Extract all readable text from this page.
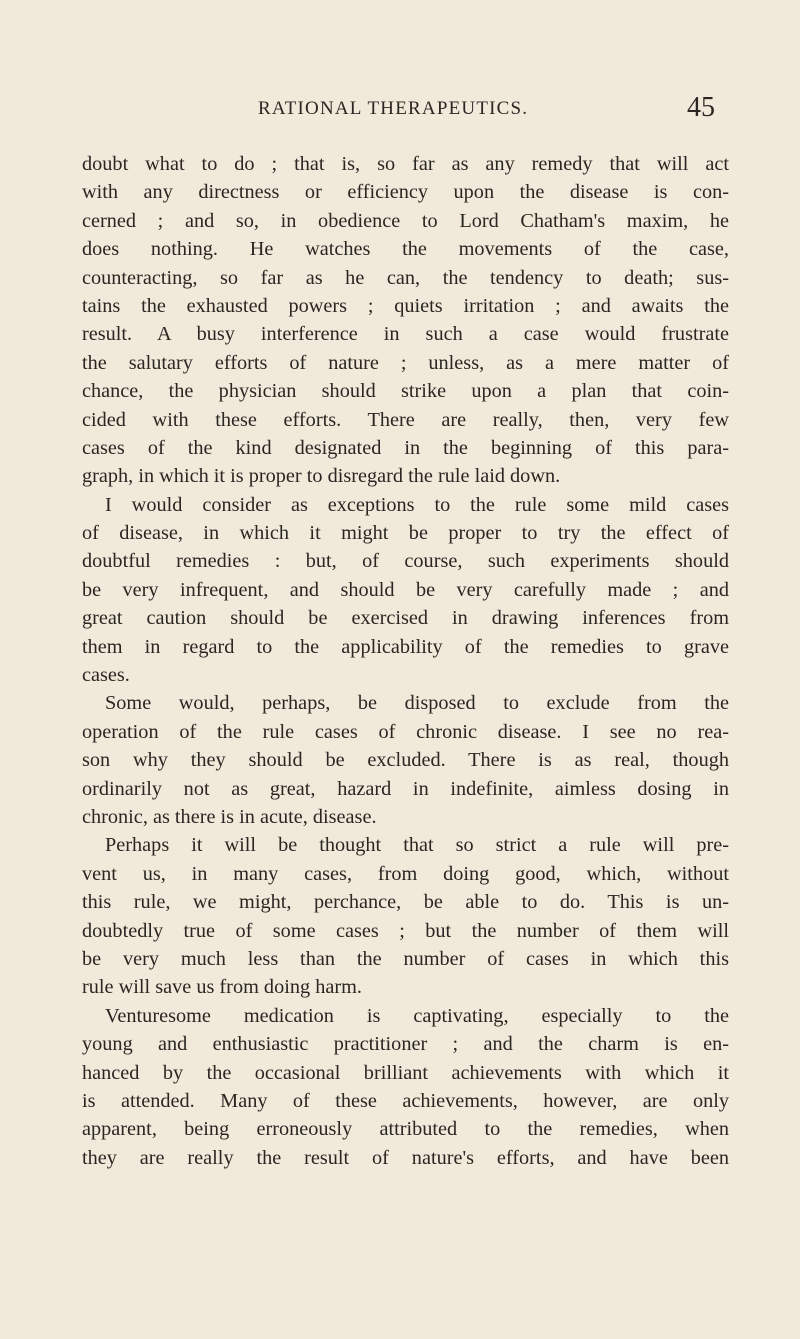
RATIONAL THERAPEUTICS.	45
doubt what to do ; that is, so far as any remedy that will act
with any directness or efficiency upon the disease is con-
cerned ; and so, in obedience to Lord Chatham's maxim, he
does nothing. He watches the movements of the case,
counteracting, so far as he can, the tendency to death; sus-
tains the exhausted powers ; quiets irritation ; and awaits the
result. A busy interference in such a case would frustrate
the salutary efforts of nature ; unless, as a mere matter of
chance, the physician should strike upon a plan that coin-
cided with these efforts. There are really, then, very few
cases of the kind designated in the beginning of this para-
graph, in which it is proper to disregard the rule laid down.
I would consider as exceptions to the rule some mild cases
of disease, in which it might be proper to try the effect of
doubtful remedies : but, of course, such experiments should
be very infrequent, and should be very carefully made ; and
great caution should be exercised in drawing inferences from
them in regard to the applicability of the remedies to grave
cases.
Some would, perhaps, be disposed to exclude from the
operation of the rule cases of chronic disease. I see no rea-
son why they should be excluded. There is as real, though
ordinarily not as great, hazard in indefinite, aimless dosing in
chronic, as there is in acute, disease.
Perhaps it will be thought that so strict a rule will pre-
vent us, in many cases, from doing good, which, without
this rule, we might, perchance, be able to do. This is un-
doubtedly true of some cases ; but the number of them will
be very much less than the number of cases in which this
rule will save us from doing harm.
Venturesome medication is captivating, especially to the
young and enthusiastic practitioner ; and the charm is en-
hanced by the occasional brilliant achievements with which it
is attended. Many of these achievements, however, are only
apparent, being erroneously attributed to the remedies, when
they are really the result of nature's efforts, and have been
